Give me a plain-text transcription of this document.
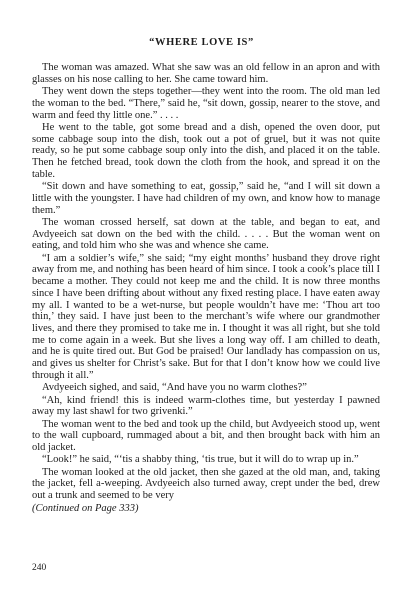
“WHERE LOVE IS”

The woman was amazed. What she saw was an old fellow in an apron and with glasses on his nose calling to her. She came toward him.

They went down the steps together—they went into the room. The old man led the woman to the bed. “There,” said he, “sit down, gossip, nearer to the stove, and warm and feed thy little one.” . . . .

He went to the table, got some bread and a dish, opened the oven door, put some cabbage soup into the dish, took out a pot of gruel, but it was not quite ready, so he put some cabbage soup only into the dish, and placed it on the table. Then he fetched bread, took down the cloth from the hook, and spread it on the table.

“Sit down and have something to eat, gossip,” said he, “and I will sit down a little with the youngster. I have had children of my own, and know how to manage them.”

The woman crossed herself, sat down at the table, and began to eat, and Avdyeeich sat down on the bed with the child. . . . . But the woman went on eating, and told him who she was and whence she came.

“I am a soldier’s wife,” she said; “my eight months’ husband they drove right away from me, and nothing has been heard of him since. I took a cook’s place till I became a mother. They could not keep me and the child. It is now three months since I have been drifting about without any fixed resting place. I have eaten away my all. I wanted to be a wet-nurse, but people wouldn’t have me: ‘Thou art too thin,’ they said. I have just been to the merchant’s wife where our grandmother lives, and there they promised to take me in. I thought it was all right, but she told me to come again in a week. But she lives a long way off. I am chilled to death, and he is quite tired out. But God be praised! Our landlady has compassion on us, and gives us shelter for Christ’s sake. But for that I don’t know how we could live through it all.”

Avdyeeich sighed, and said, “And have you no warm clothes?”

“Ah, kind friend! this is indeed warm-clothes time, but yesterday I pawned away my last shawl for two grivenki.”

The woman went to the bed and took up the child, but Avdyeeich stood up, went to the wall cupboard, rummaged about a bit, and then brought back with him an old jacket.

“Look!” he said, “‘tis a shabby thing, ‘tis true, but it will do to wrap up in.”

The woman looked at the old jacket, then she gazed at the old man, and, taking the jacket, fell a-weeping. Avdyeeich also turned away, crept under the bed, drew out a trunk and seemed to be very

(Continued on Page 333)

240
